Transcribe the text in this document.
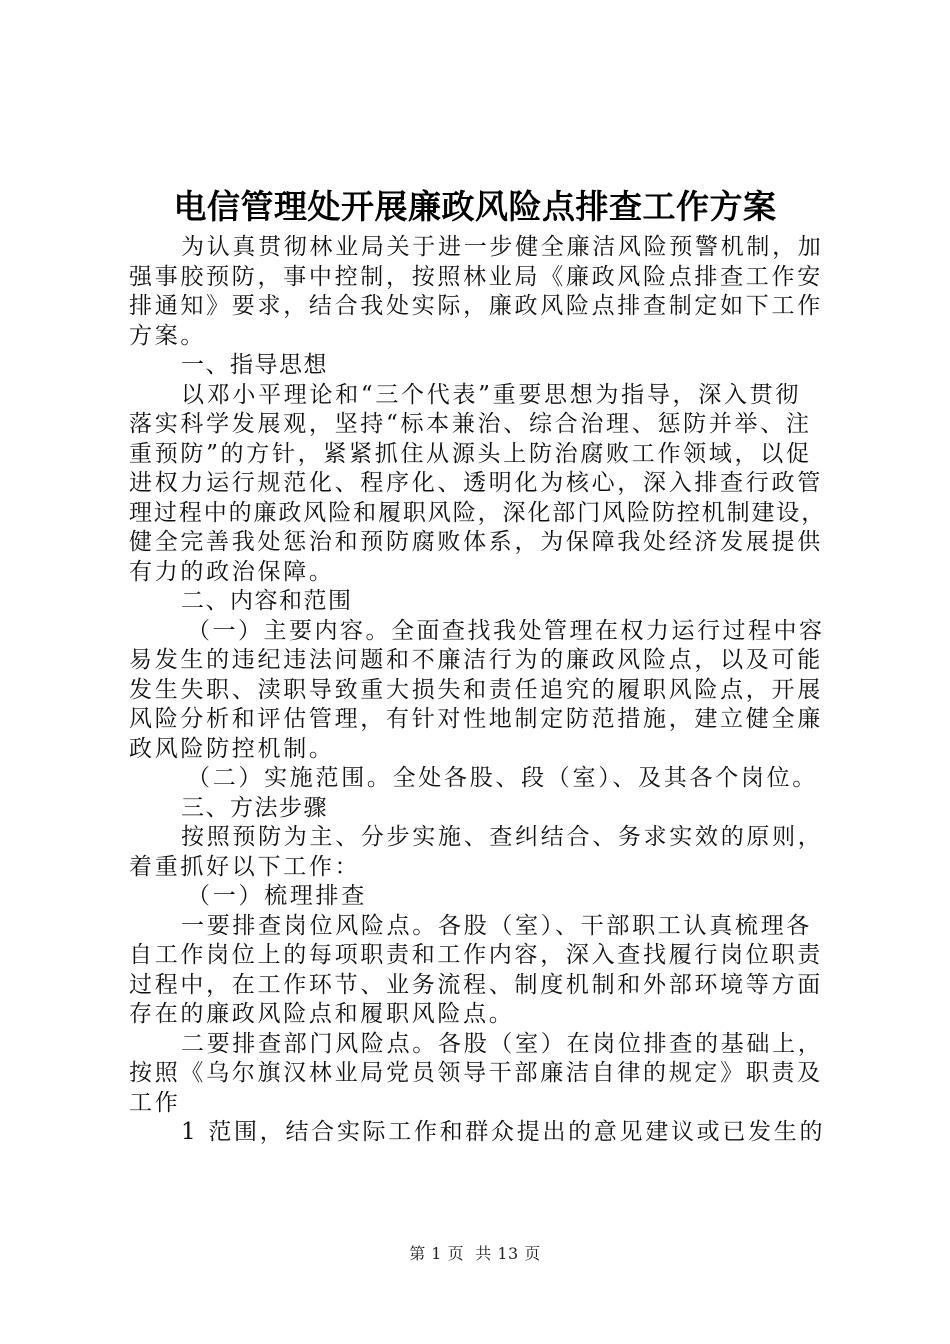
电信管理处开展廉政风险点排查工作方案
为认真贯彻林业局关于进一步健全廉洁风险预警机制，加
强事胶预防，事中控制，按照林业局《廉政风险点排查工作安
排通知》要求，结合我处实际，廉政风险点排查制定如下工作
方案。
一、指导思想
以邓小平理论和“三个代表”重要思想为指导，深入贯彻
落实科学发展观，坚持“标本兼治、综合治理、惩防并举、注
重预防”的方针，紧紧抓住从源头上防治腐败工作领域，以促
进权力运行规范化、程序化、透明化为核心，深入排查行政管
理过程中的廉政风险和履职风险，深化部门风险防控机制建设，
健全完善我处惩治和预防腐败体系，为保障我处经济发展提供
有力的政治保障。
二、内容和范围
（一）主要内容。全面查找我处管理在权力运行过程中容
易发生的违纪违法问题和不廉洁行为的廉政风险点，以及可能
发生失职、渎职导致重大损失和责任追究的履职风险点，开展
风险分析和评估管理，有针对性地制定防范措施，建立健全廉
政风险防控机制。
（二）实施范围。全处各股、段（室）、及其各个岗位。
三、方法步骤
按照预防为主、分步实施、查纠结合、务求实效的原则，
着重抓好以下工作：
（一）梳理排查
一要排查岗位风险点。各股（室）、干部职工认真梳理各
自工作岗位上的每项职责和工作内容，深入查找履行岗位职责
过程中，在工作环节、业务流程、制度机制和外部环境等方面
存在的廉政风险点和履职风险点。
二要排查部门风险点。各股（室）在岗位排查的基础上，
按照《乌尔旗汉林业局党员领导干部廉洁自律的规定》职责及
工作
1 范围，结合实际工作和群众提出的意见建议或已发生的
第 1 页  共 13 页
